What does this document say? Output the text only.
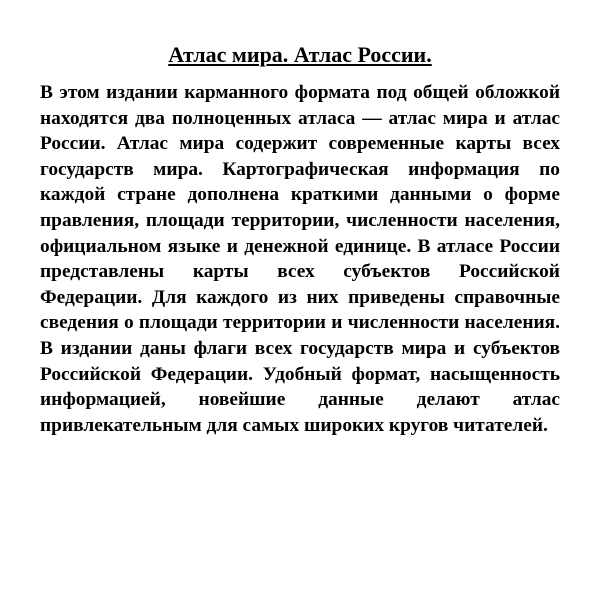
Атлас мира. Атлас России.

В этом издании карманного формата под общей обложкой находятся два полноценных атласа — атлас мира и атлас России. Атлас мира содержит современные карты всех государств мира. Картографическая информация по каждой стране дополнена краткими данными о форме правления, площади территории, численности населения, официальном языке и денежной единице. В атласе России представлены карты всех субъектов Российской Федерации. Для каждого из них приведены справочные сведения о площади территории и численности населения. В издании даны флаги всех государств мира и субъектов Российской Федерации. Удобный формат, насыщенность информацией, новейшие данные делают атлас привлекательным для самых широких кругов читателей.
